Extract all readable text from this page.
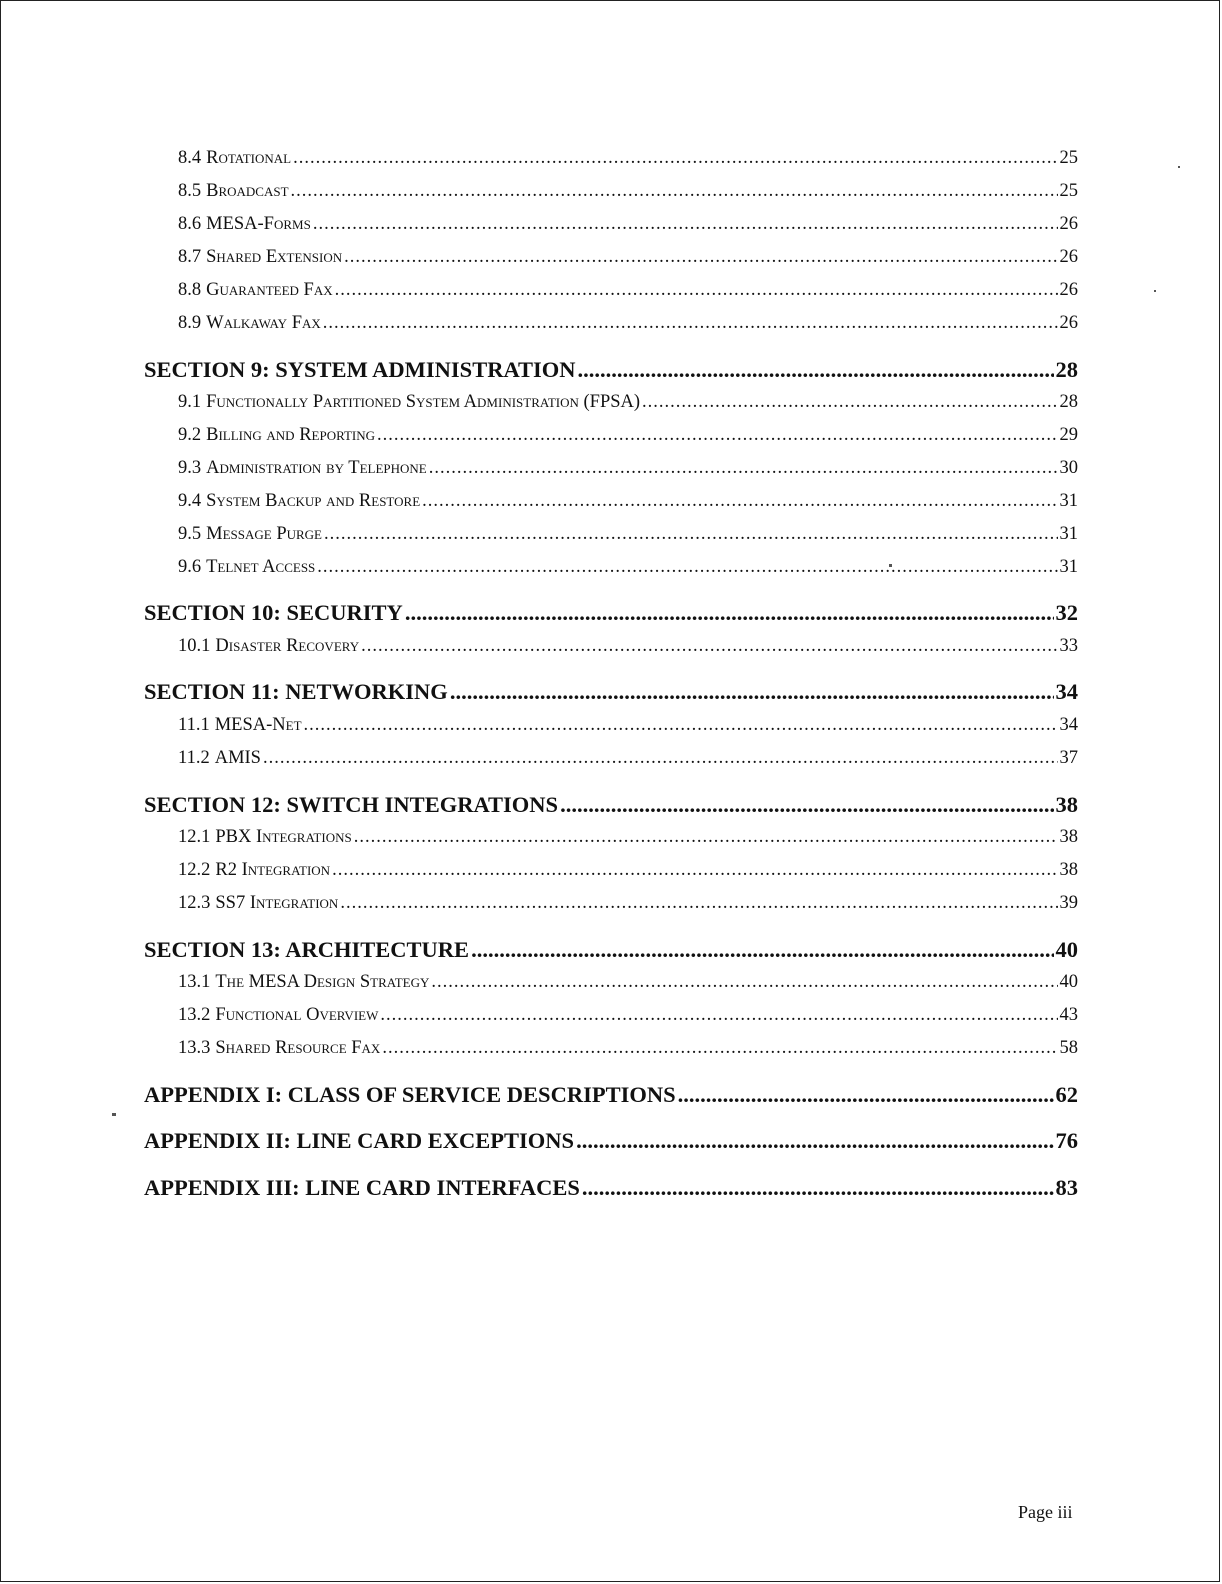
8.4 Rotational .....	25
8.5 Broadcast .....	25
8.6 MESA-Forms .....	26
8.7 Shared Extension .....	26
8.8 Guaranteed Fax .....	26
8.9 Walkaway Fax .....	26
SECTION 9: SYSTEM ADMINISTRATION .....	28
9.1 Functionally Partitioned System Administration (FPSA) .....	28
9.2 Billing and Reporting .....	29
9.3 Administration by Telephone .....	30
9.4 System Backup and Restore .....	31
9.5 Message Purge .....	31
9.6 Telnet Access .....	31
SECTION 10: SECURITY .....	32
10.1 Disaster Recovery .....	33
SECTION 11: NETWORKING .....	34
11.1 MESA-Net .....	34
11.2 AMIS .....	37
SECTION 12: SWITCH INTEGRATIONS .....	38
12.1 PBX Integrations .....	38
12.2 R2 Integration .....	38
12.3 SS7 Integration .....	39
SECTION 13: ARCHITECTURE .....	40
13.1 The MESA Design Strategy .....	40
13.2 Functional Overview .....	43
13.3 Shared Resource Fax .....	58
APPENDIX I: CLASS OF SERVICE DESCRIPTIONS .....	62
APPENDIX II: LINE CARD EXCEPTIONS .....	76
APPENDIX III: LINE CARD INTERFACES .....	83
Page iii
